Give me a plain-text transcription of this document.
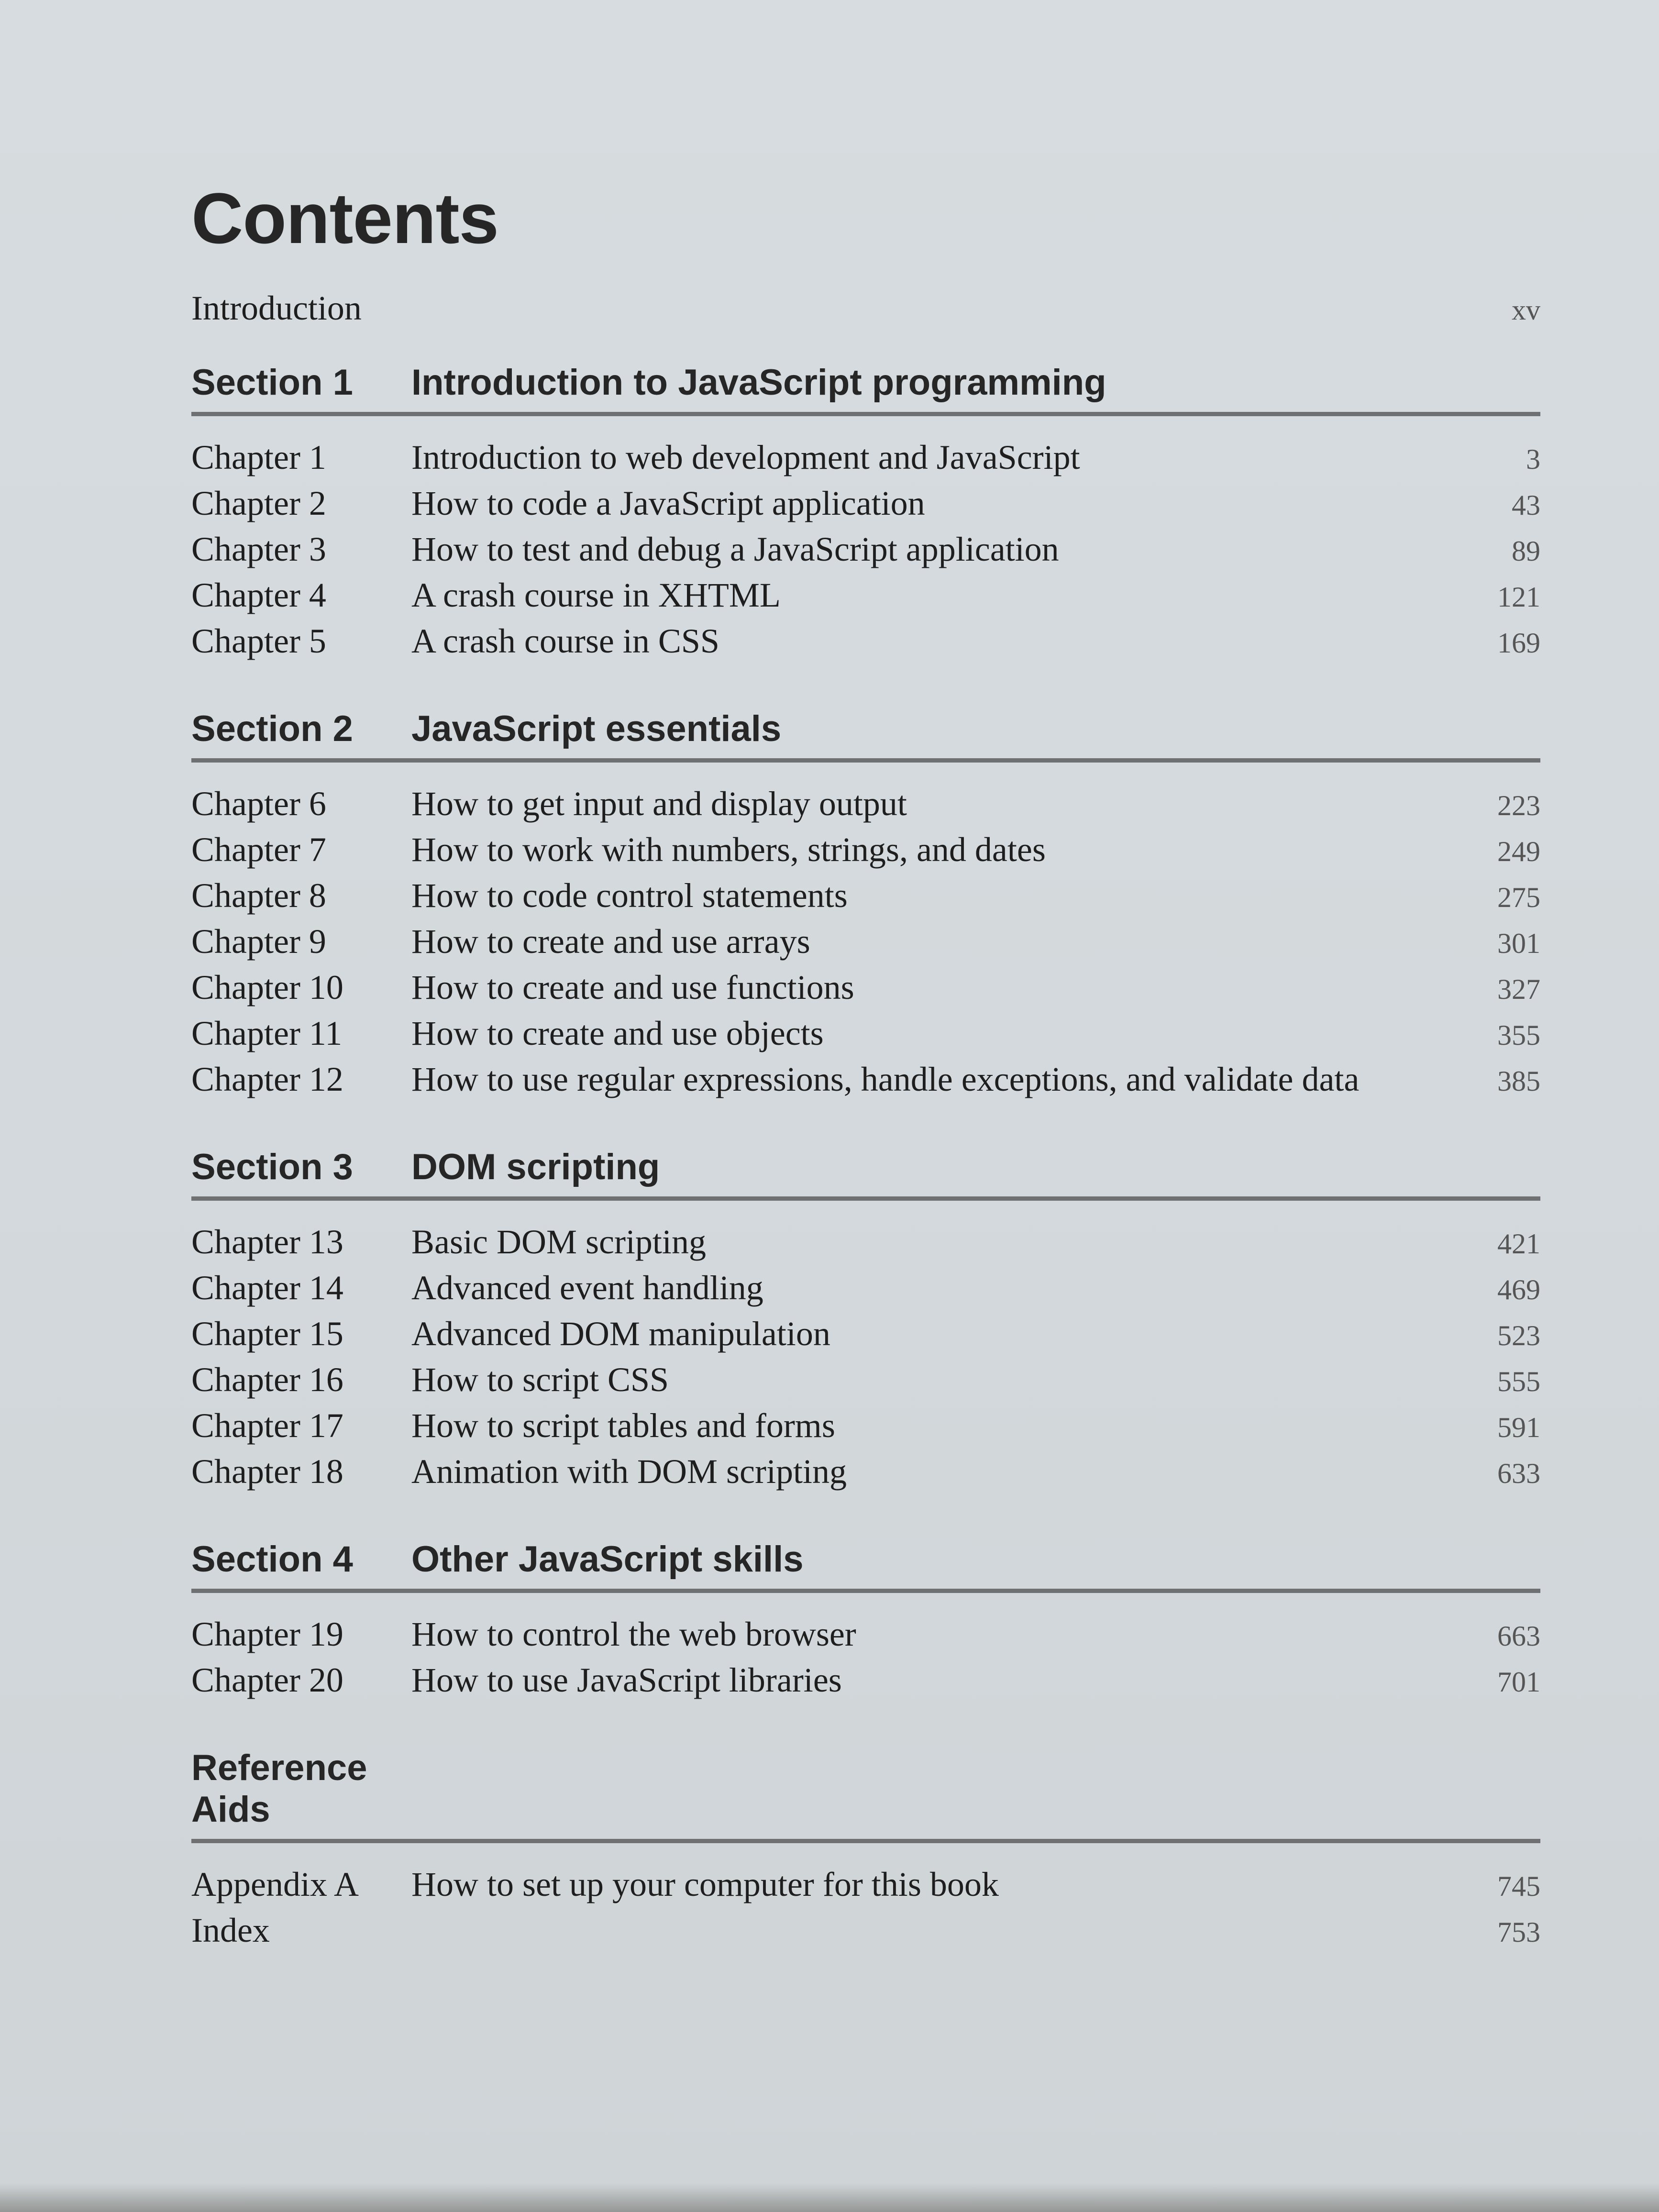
Contents
Introduction	xv
Section 1	Introduction to JavaScript programming
Chapter 1	Introduction to web development and JavaScript	3
Chapter 2	How to code a JavaScript application	43
Chapter 3	How to test and debug a JavaScript application	89
Chapter 4	A crash course in XHTML	121
Chapter 5	A crash course in CSS	169
Section 2	JavaScript essentials
Chapter 6	How to get input and display output	223
Chapter 7	How to work with numbers, strings, and dates	249
Chapter 8	How to code control statements	275
Chapter 9	How to create and use arrays	301
Chapter 10	How to create and use functions	327
Chapter 11	How to create and use objects	355
Chapter 12	How to use regular expressions, handle exceptions, and validate data	385
Section 3	DOM scripting
Chapter 13	Basic DOM scripting	421
Chapter 14	Advanced event handling	469
Chapter 15	Advanced DOM manipulation	523
Chapter 16	How to script CSS	555
Chapter 17	How to script tables and forms	591
Chapter 18	Animation with DOM scripting	633
Section 4	Other JavaScript skills
Chapter 19	How to control the web browser	663
Chapter 20	How to use JavaScript libraries	701
Reference Aids
Appendix A	How to set up your computer for this book	745
Index	753
